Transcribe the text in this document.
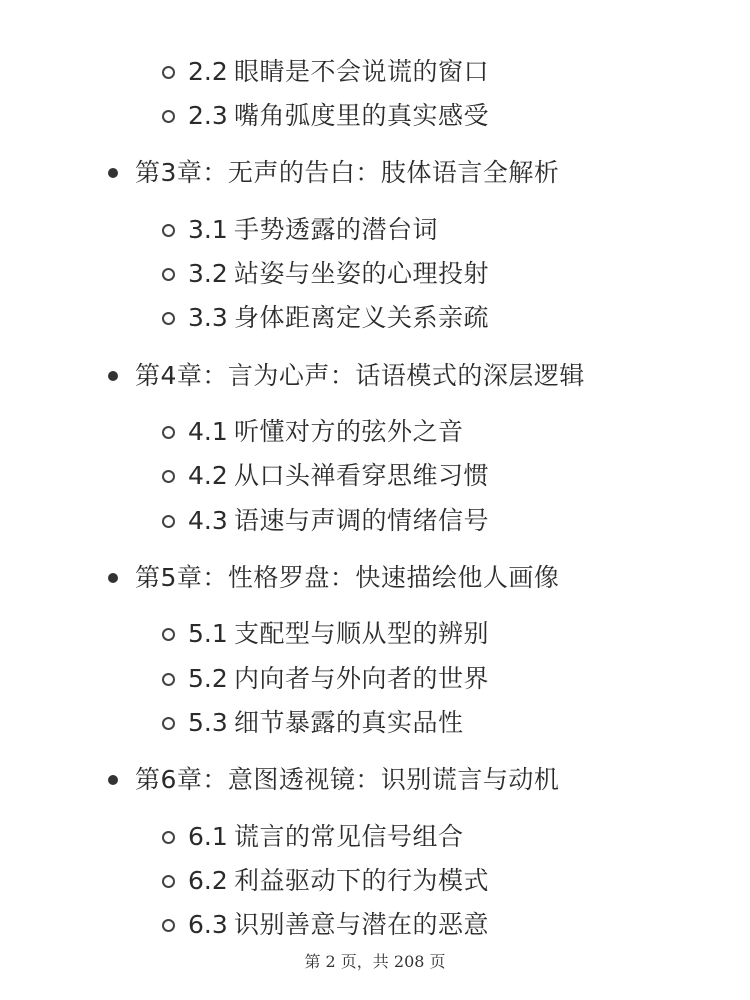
2.2 眼睛是不会说谎的窗口
2.3 嘴角弧度里的真实感受
第3章：无声的告白：肢体语言全解析
3.1 手势透露的潜台词
3.2 站姿与坐姿的心理投射
3.3 身体距离定义关系亲疏
第4章：言为心声：话语模式的深层逻辑
4.1 听懂对方的弦外之音
4.2 从口头禅看穿思维习惯
4.3 语速与声调的情绪信号
第5章：性格罗盘：快速描绘他人画像
5.1 支配型与顺从型的辨别
5.2 内向者与外向者的世界
5.3 细节暴露的真实品性
第6章：意图透视镜：识别谎言与动机
6.1 谎言的常见信号组合
6.2 利益驱动下的行为模式
6.3 识别善意与潜在的恶意
第 2 页，共 208 页
